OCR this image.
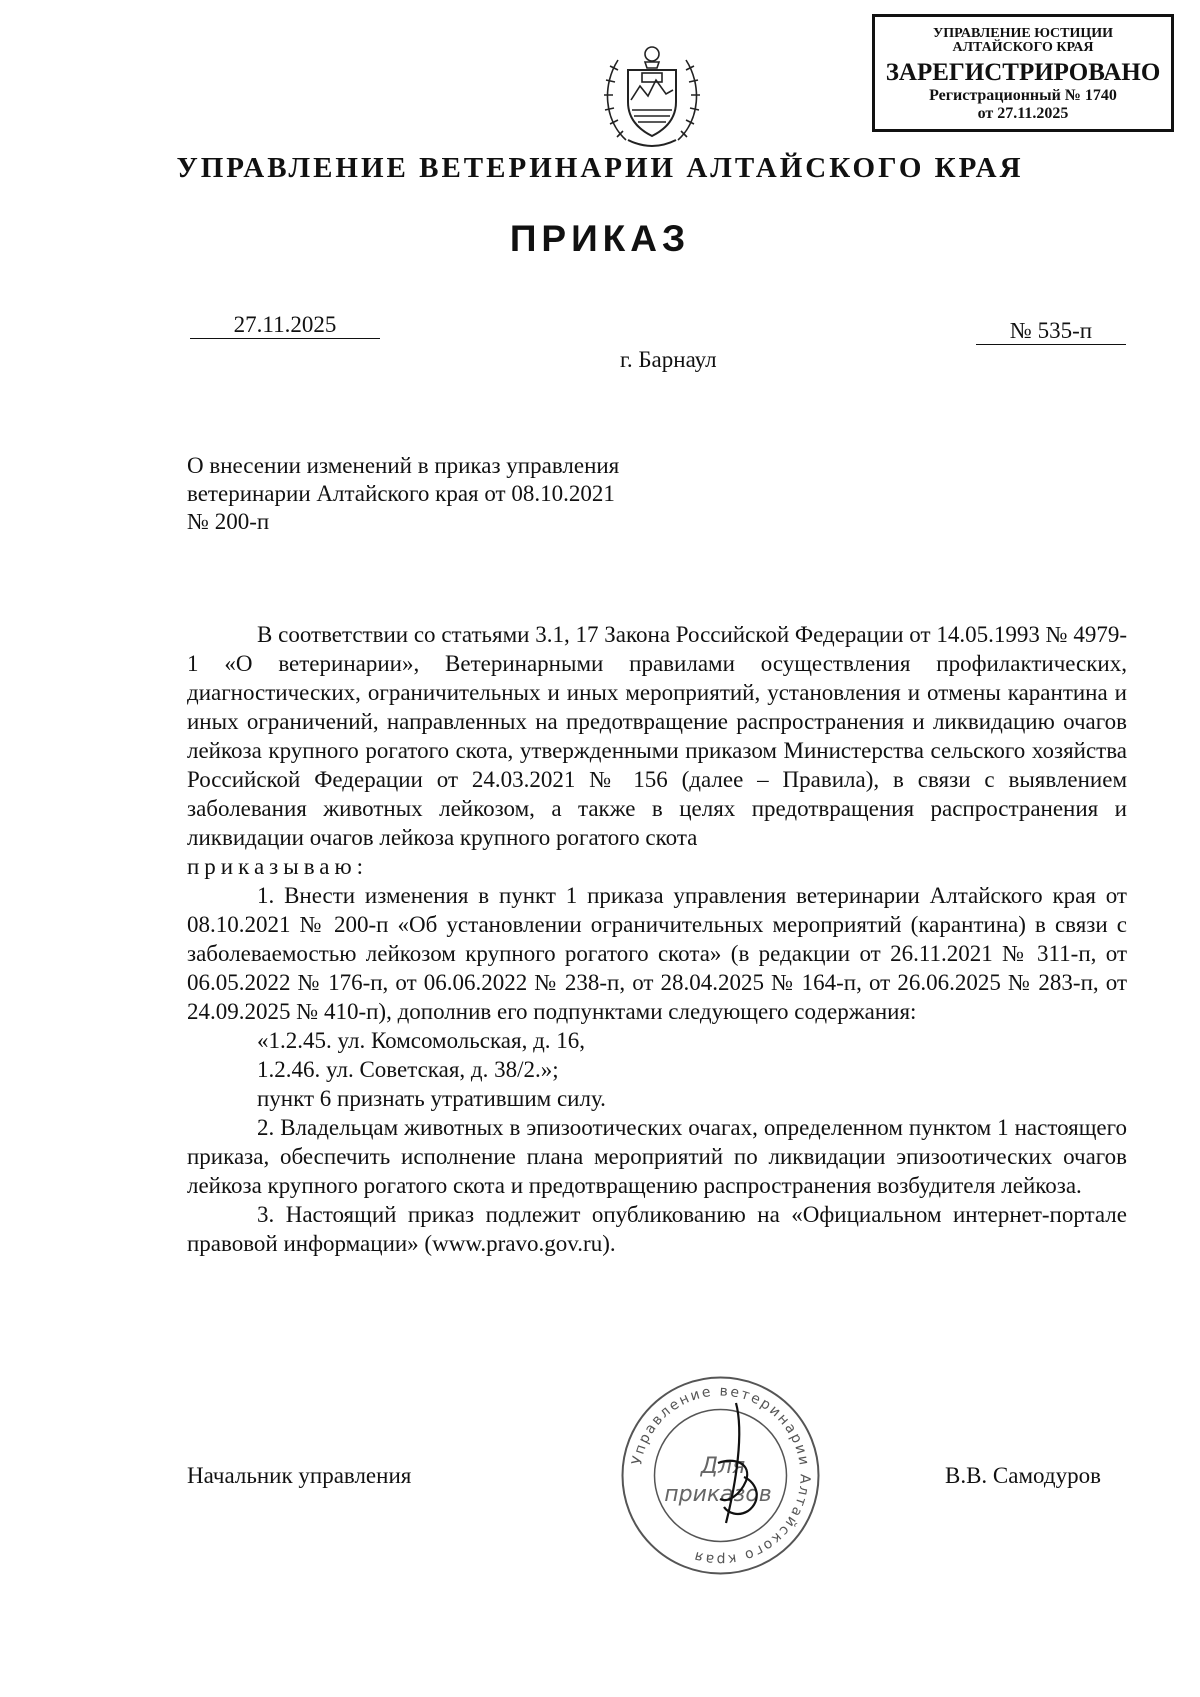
УПРАВЛЕНИЕ ЮСТИЦИИ
АЛТАЙСКОГО КРАЯ
ЗАРЕГИСТРИРОВАНО
Регистрационный № 1740
от 27.11.2025
УПРАВЛЕНИЕ ВЕТЕРИНАРИИ АЛТАЙСКОГО КРАЯ
ПРИКАЗ
27.11.2025	№ 535-п
г. Барнаул
О внесении изменений в приказ управления
ветеринарии Алтайского края от 08.10.2021
№ 200-п

В соответствии со статьями 3.1, 17 Закона Российской Федерации от 14.05.1993 № 4979-1 «О ветеринарии», Ветеринарными правилами осуществления профилактических, диагностических, ограничительных и иных мероприятий, установления и отмены карантина и иных ограничений, направленных на предотвращение распространения и ликвидацию очагов лейкоза крупного рогатого скота, утвержденными приказом Министерства сельского хозяйства Российской Федерации от 24.03.2021 № 156 (далее – Правила), в связи с выявлением заболевания животных лейкозом, а также в целях предотвращения распространения и ликвидации очагов лейкоза крупного рогатого скота

приказываю:

1. Внести изменения в пункт 1 приказа управления ветеринарии Алтайского края от 08.10.2021 № 200-п «Об установлении ограничительных мероприятий (карантина) в связи с заболеваемостью лейкозом крупного рогатого скота» (в редакции от 26.11.2021 № 311-п, от 06.05.2022 № 176-п, от 06.06.2022 № 238-п, от 28.04.2025 № 164-п, от 26.06.2025 № 283-п, от 24.09.2025 № 410-п), дополнив его подпунктами следующего содержания:

«1.2.45. ул. Комсомольская, д. 16,

1.2.46. ул. Советская, д. 38/2.»;

пункт 6 признать утратившим силу.

2. Владельцам животных в эпизоотических очагах, определенном пунктом 1 настоящего приказа, обеспечить исполнение плана мероприятий по ликвидации эпизоотических очагов лейкоза крупного рогатого скота и предотвращению распространения возбудителя лейкоза.

3. Настоящий приказ подлежит опубликованию на «Официальном интернет-портале правовой информации» (www.pravo.gov.ru).

Начальник управления	В.В. Самодуров
Управление ветеринарии Алтайского края
Для
приказов
